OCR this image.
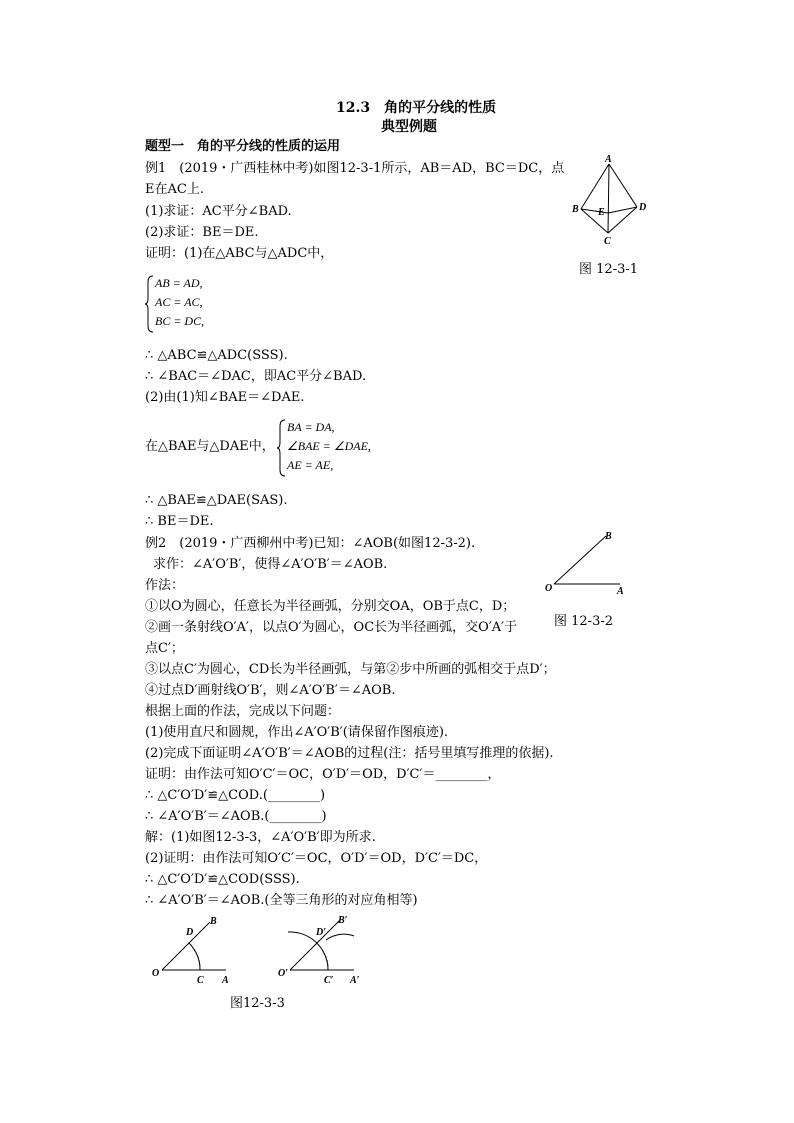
12.3　角的平分线的性质
典型例题
题型一　角的平分线的性质的运用
例1　(2019・广西桂林中考)如图12-3-1所示，AB＝AD，BC＝DC，点
E在AC上.
(1)求证：AC平分∠BAD.
(2)求证：BE＝DE.
证明：(1)在△ABC与△ADC中，
AB = AD,
AC = AC,
BC = DC,
∴ △ABC≌△ADC(SSS).
∴ ∠BAC＝∠DAC，即AC平分∠BAD.
(2)由(1)知∠BAE＝∠DAE.
在△BAE与△DAE中，
BA = DA,
∠BAE = ∠DAE,
AE = AE,
∴ △BAE≌△DAE(SAS).
∴ BE＝DE.
A
B E	D
C
图 12-3-1
例2　(2019・广西柳州中考)已知：∠AOB(如图12-3-2).
求作：∠A′O′B′，使得∠A′O′B′＝∠AOB.
作法：
①以O为圆心，任意长为半径画弧，分别交OA，OB于点C，D；
②画一条射线O′A′，以点O′为圆心，OC长为半径画弧，交O′A′于
点C′；
③以点C′为圆心，CD长为半径画弧，与第②步中所画的弧相交于点D′；
④过点D′画射线O′B′，则∠A′O′B′＝∠AOB.
根据上面的作法，完成以下问题：
(1)使用直尺和圆规，作出∠A′O′B′(请保留作图痕迹).
(2)完成下面证明∠A′O′B′＝∠AOB的过程(注：括号里填写推理的依据).
证明：由作法可知O′C′＝OC，O′D′＝OD，D′C′＝________，
∴ △C′O′D′≌△COD.(________)
∴ ∠A′O′B′＝∠AOB.(________)
解：(1)如图12-3-3，∠A′O′B′即为所求.
(2)证明：由作法可知O′C′＝OC，O′D′＝OD，D′C′＝DC，
∴ △C′O′D′≌△COD(SSS).
∴ ∠A′O′B′＝∠AOB.(全等三角形的对应角相等)
B
O	A
图 12-3-2
B
D
O
C A
B′
D′
O′
C′ A′
图12-3-3
